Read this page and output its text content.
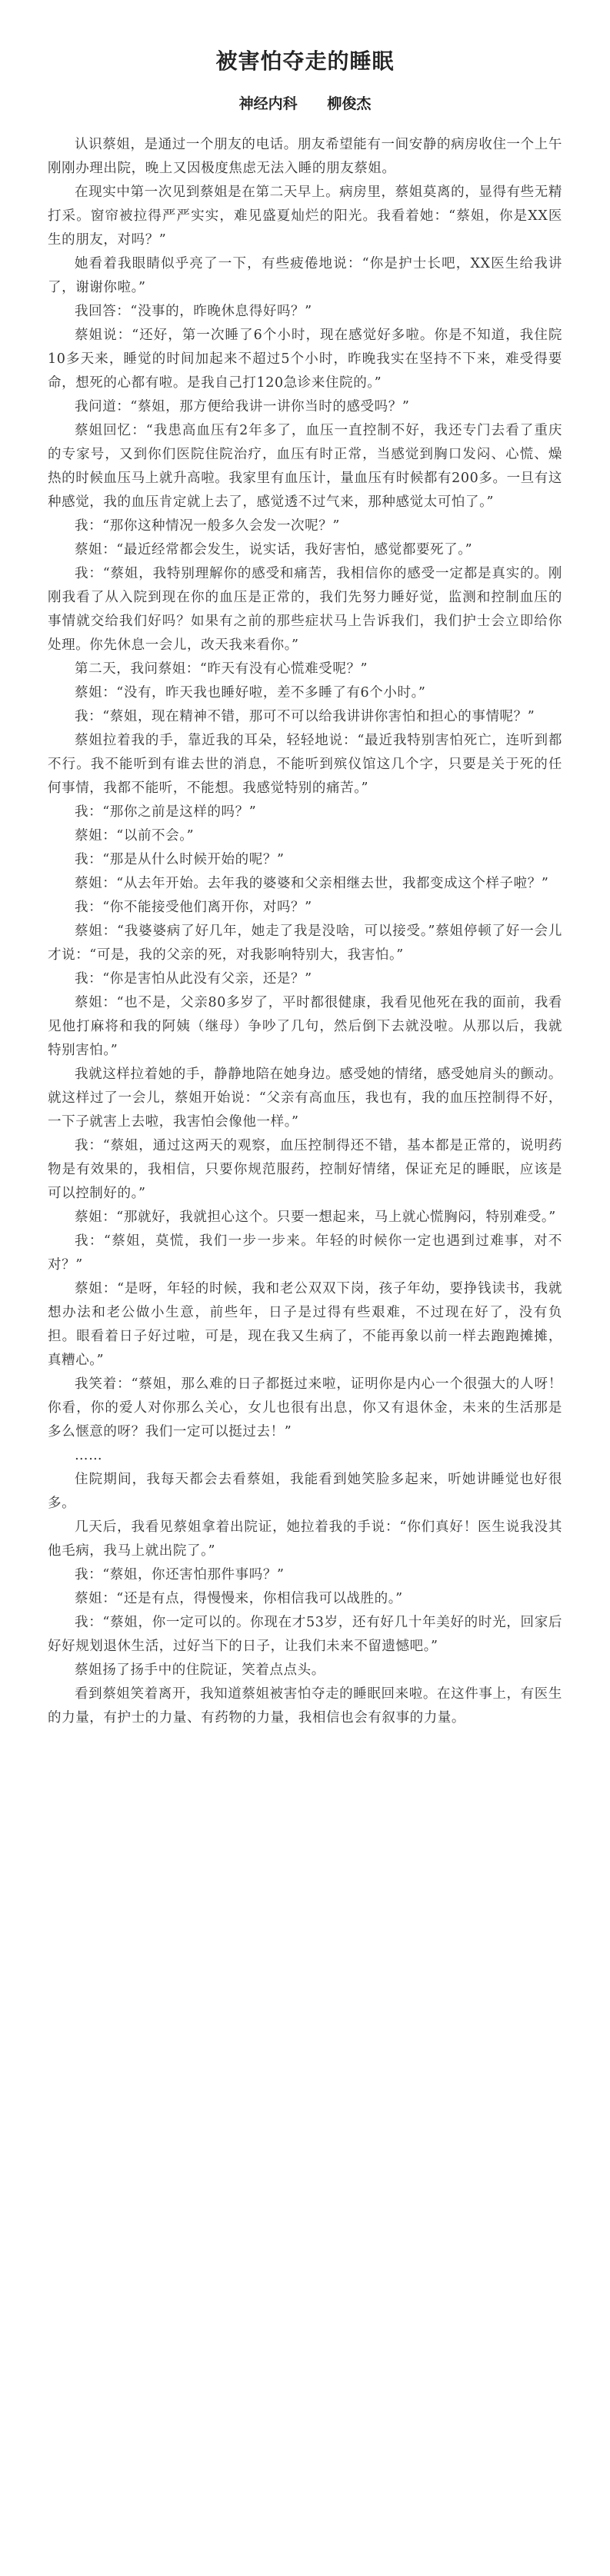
被害怕夺走的睡眠
神经内科 柳俊杰

认识蔡姐，是通过一个朋友的电话。朋友希望能有一间安静的病房收住一个上午刚刚办理出院，晚上又因极度焦虑无法入睡的朋友蔡姐。

在现实中第一次见到蔡姐是在第二天早上。病房里，蔡姐莫离的，显得有些无精打采。窗帘被拉得严严实实，难见盛夏灿烂的阳光。我看着她：“蔡姐，你是XX医生的朋友，对吗？”

她看着我眼睛似乎亮了一下，有些疲倦地说：“你是护士长吧，XX医生给我讲了，谢谢你啦。”

我回答：“没事的，昨晚休息得好吗？”

蔡姐说：“还好，第一次睡了6个小时，现在感觉好多啦。你是不知道，我住院10多天来，睡觉的时间加起来不超过5个小时，昨晚我实在坚持不下来，难受得要命，想死的心都有啦。是我自己打120急诊来住院的。”

我问道：“蔡姐，那方便给我讲一讲你当时的感受吗？”

蔡姐回忆：“我患高血压有2年多了，血压一直控制不好，我还专门去看了重庆的专家号，又到你们医院住院治疗，血压有时正常，当感觉到胸口发闷、心慌、燥热的时候血压马上就升高啦。我家里有血压计，量血压有时候都有200多。一旦有这种感觉，我的血压肯定就上去了，感觉透不过气来，那种感觉太可怕了。”

我：“那你这种情况一般多久会发一次呢？”

蔡姐：“最近经常都会发生，说实话，我好害怕，感觉都要死了。”

我：“蔡姐，我特别理解你的感受和痛苦，我相信你的感受一定都是真实的。刚刚我看了从入院到现在你的血压是正常的，我们先努力睡好觉，监测和控制血压的事情就交给我们好吗？如果有之前的那些症状马上告诉我们，我们护士会立即给你处理。你先休息一会儿，改天我来看你。”

第二天，我问蔡姐：“昨天有没有心慌难受呢？”

蔡姐：“没有，昨天我也睡好啦，差不多睡了有6个小时。”

我：“蔡姐，现在精神不错，那可不可以给我讲讲你害怕和担心的事情呢？”

蔡姐拉着我的手，靠近我的耳朵，轻轻地说：“最近我特别害怕死亡，连听到都不行。我不能听到有谁去世的消息，不能听到殡仪馆这几个字，只要是关于死的任何事情，我都不能听，不能想。我感觉特别的痛苦。”

我：“那你之前是这样的吗？”

蔡姐：“以前不会。”

我：“那是从什么时候开始的呢？”

蔡姐：“从去年开始。去年我的婆婆和父亲相继去世，我都变成这个样子啦？”

我：“你不能接受他们离开你，对吗？”

蔡姐：“我婆婆病了好几年，她走了我是没啥，可以接受。”蔡姐停顿了好一会儿才说：“可是，我的父亲的死，对我影响特别大，我害怕。”

我：“你是害怕从此没有父亲，还是？”

蔡姐：“也不是，父亲80多岁了，平时都很健康，我看见他死在我的面前，我看见他打麻将和我的阿姨（继母）争吵了几句，然后倒下去就没啦。从那以后，我就特别害怕。”

我就这样拉着她的手，静静地陪在她身边。感受她的情绪，感受她肩头的颤动。就这样过了一会儿，蔡姐开始说：“父亲有高血压，我也有，我的血压控制得不好，一下子就害上去啦，我害怕会像他一样。”

我：“蔡姐，通过这两天的观察，血压控制得还不错，基本都是正常的，说明药物是有效果的，我相信，只要你规范服药，控制好情绪，保证充足的睡眠，应该是可以控制好的。”

蔡姐：“那就好，我就担心这个。只要一想起来，马上就心慌胸闷，特别难受。”

我：“蔡姐，莫慌，我们一步一步来。年轻的时候你一定也遇到过难事，对不对？”

蔡姐：“是呀，年轻的时候，我和老公双双下岗，孩子年幼，要挣钱读书，我就想办法和老公做小生意，前些年，日子是过得有些艰难，不过现在好了，没有负担。眼看着日子好过啦，可是，现在我又生病了，不能再象以前一样去跑跑摊摊，真糟心。”

我笑着：“蔡姐，那么难的日子都挺过来啦，证明你是内心一个很强大的人呀！你看，你的爱人对你那么关心，女儿也很有出息，你又有退休金，未来的生活那是多么惬意的呀？我们一定可以挺过去！”

……

住院期间，我每天都会去看蔡姐，我能看到她笑脸多起来，听她讲睡觉也好很多。

几天后，我看见蔡姐拿着出院证，她拉着我的手说：“你们真好！医生说我没其他毛病，我马上就出院了。”

我：“蔡姐，你还害怕那件事吗？”

蔡姐：“还是有点，得慢慢来，你相信我可以战胜的。”

我：“蔡姐，你一定可以的。你现在才53岁，还有好几十年美好的时光，回家后好好规划退休生活，过好当下的日子，让我们未来不留遗憾吧。”

蔡姐扬了扬手中的住院证，笑着点点头。

看到蔡姐笑着离开，我知道蔡姐被害怕夺走的睡眠回来啦。在这件事上，有医生的力量，有护士的力量、有药物的力量，我相信也会有叙事的力量。
